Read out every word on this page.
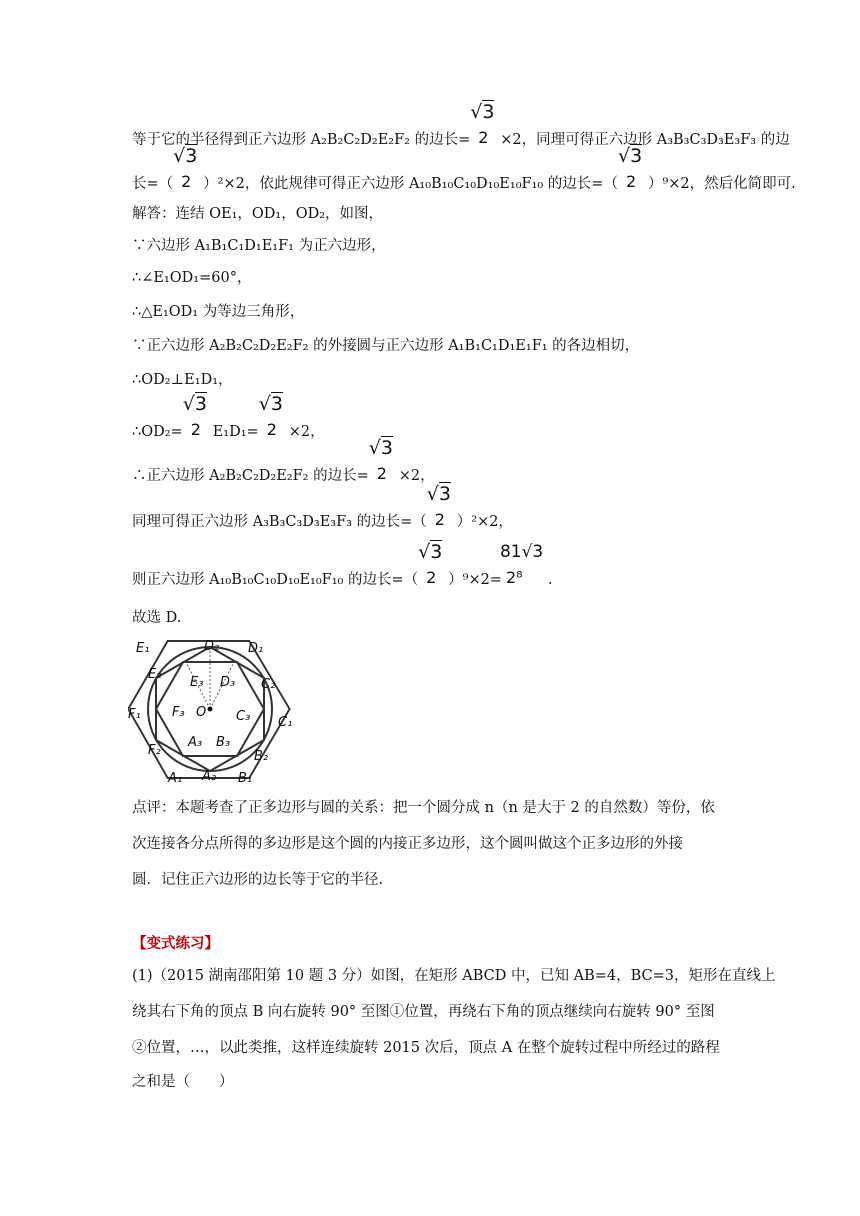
等于它的半径得到正六边形 A₂B₂C₂D₂E₂F₂ 的边长=
√ 3
2 ×2，同理可得正六边形 A₃B₃C₃D₃E₃F₃ 的边
长=（
√ 3
2 ）²×2，依此规律可得正六边形 A₁₀B₁₀C₁₀D₁₀E₁₀F₁₀ 的边长=（
√ 3
2 ）⁹×2，然后化简即可.
解答：连结 OE₁，OD₁，OD₂，如图，
∵六边形 A₁B₁C₁D₁E₁F₁ 为正六边形，
∴∠E₁OD₁=60°，
∴△E₁OD₁ 为等边三角形，
∵正六边形 A₂B₂C₂D₂E₂F₂ 的外接圆与正六边形 A₁B₁C₁D₁E₁F₁ 的各边相切，
∴OD₂⊥E₁D₁，
∴OD₂=
√ 3
2 E₁D₁=
√ 3
2 ×2，
∴正六边形 A₂B₂C₂D₂E₂F₂ 的边长=
√ 3
2 ×2，
同理可得正六边形 A₃B₃C₃D₃E₃F₃ 的边长=（
√ 3
2 ）²×2，
则正六边形 A₁₀B₁₀C₁₀D₁₀E₁₀F₁₀ 的边长=（
√ 3
2 ）⁹×2=
81√3
2⁸ .
故选 D.
E₁	D₂ D₁
E₂
E₃ D₃ C₂
F₁ F₃ O C₃ C₁
F₂
A₃ B₃
B₂
A₁ A₂ B₁
点评：本题考查了正多边形与圆的关系：把一个圆分成 n（n 是大于 2 的自然数）等份，依
次连接各分点所得的多边形是这个圆的内接正多边形，这个圆叫做这个正多边形的外接
圆．记住正六边形的边长等于它的半径.
【变式练习】
(1)（2015 湖南邵阳第 10 题 3 分）如图，在矩形 ABCD 中，已知 AB=4，BC=3，矩形在直线上
绕其右下角的顶点 B 向右旋转 90° 至图①位置，再绕右下角的顶点继续向右旋转 90° 至图
②位置，…，以此类推，这样连续旋转 2015 次后，顶点 A 在整个旋转过程中所经过的路程
之和是（　　）
